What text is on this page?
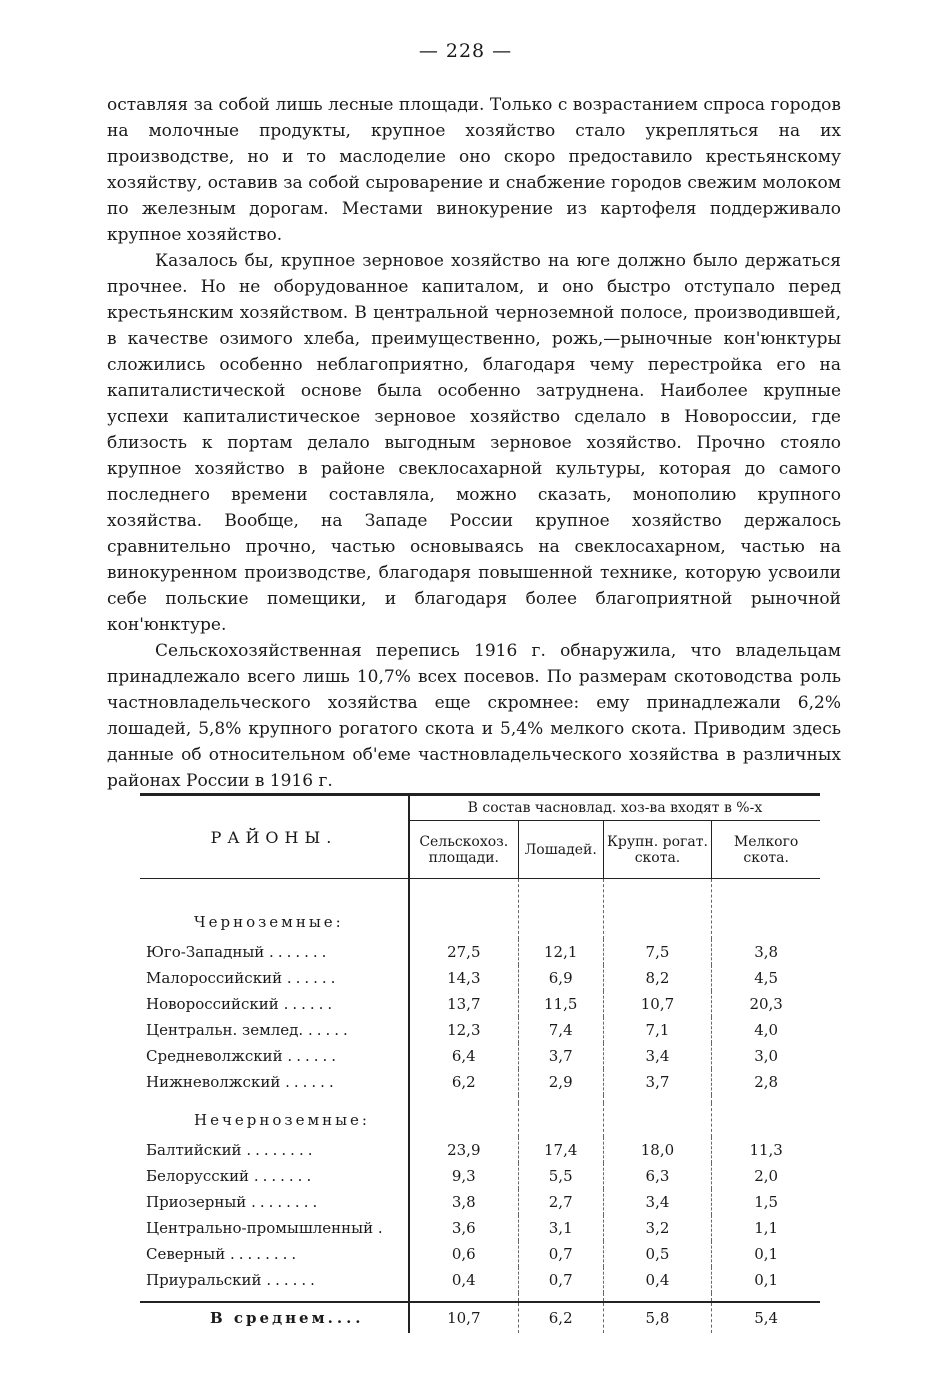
— 228 —

оставляя за собой лишь лесные площади. Только с возрастанием спроса городов на молочные продукты, крупное хозяйство стало укрепляться на их производстве, но и то маслоделие оно скоро предоставило крестьянскому хозяйству, оставив за собой сыроварение и снабжение городов свежим молоком по железным дорогам. Местами винокурение из картофеля поддерживало крупное хозяйство.

Казалось бы, крупное зерновое хозяйство на юге должно было держаться прочнее. Но не оборудованное капиталом, и оно быстро отступало перед крестьянским хозяйством. В центральной черноземной полосе, производившей, в качестве озимого хлеба, преимущественно, рожь,—рыночные кон'юнктуры сложились особенно неблагоприятно, благодаря чему перестройка его на капиталистической основе была особенно затруднена. Наиболее крупные успехи капиталистическое зерновое хозяйство сделало в Новороссии, где близость к портам делало выгодным зерновое хозяйство. Прочно стояло крупное хозяйство в районе свеклосахарной культуры, которая до самого последнего времени составляла, можно сказать, монополию крупного хозяйства. Вообще, на Западе России крупное хозяйство держалось сравнительно прочно, частью основываясь на свеклосахарном, частью на винокуренном производстве, благодаря повышенной технике, которую усвоили себе польские помещики, и благодаря более благоприятной рыночной кон'юнктуре.

Сельскохозяйственная перепись 1916 г. обнаружила, что владельцам принадлежало всего лишь 10,7% всех посевов. По размерам скотоводства роль частновладельческого хозяйства еще скромнее: ему принадлежали 6,2% лошадей, 5,8% крупного рогатого скота и 5,4% мелкого скота. Приводим здесь данные об относительном об'еме частновладельческого хозяйства в различных районах России в 1916 г.

РАЙОНЫ.	В состав часновлад. хоз-ва входят в %-х			
	Сельскохоз. площади.	Лошадей.	Крупн. рогат. скота.	Мелкого скота.
Черноземные:				
Юго-Западный .......	27,5	12,1	7,5	3,8
Малороссийский ......	14,3	6,9	8,2	4,5
Новороссийский ......	13,7	11,5	10,7	20,3
Центральн. землед. .....	12,3	7,4	7,1	4,0
Средневолжский ......	6,4	3,7	3,4	3,0
Нижневолжский ......	6,2	2,9	3,7	2,8

Нечерноземные:				
Балтийский ........	23,9	17,4	18,0	11,3
Белорусский .......	9,3	5,5	6,3	2,0
Приозерный ........	3,8	2,7	3,4	1,5
Центрально-промышленный .	3,6	3,1	3,2	1,1
Северный ........	0,6	0,7	0,5	0,1
Приуральский ......	0,4	0,7	0,4	0,1

В среднем....	10,7	6,2	5,8	5,4
